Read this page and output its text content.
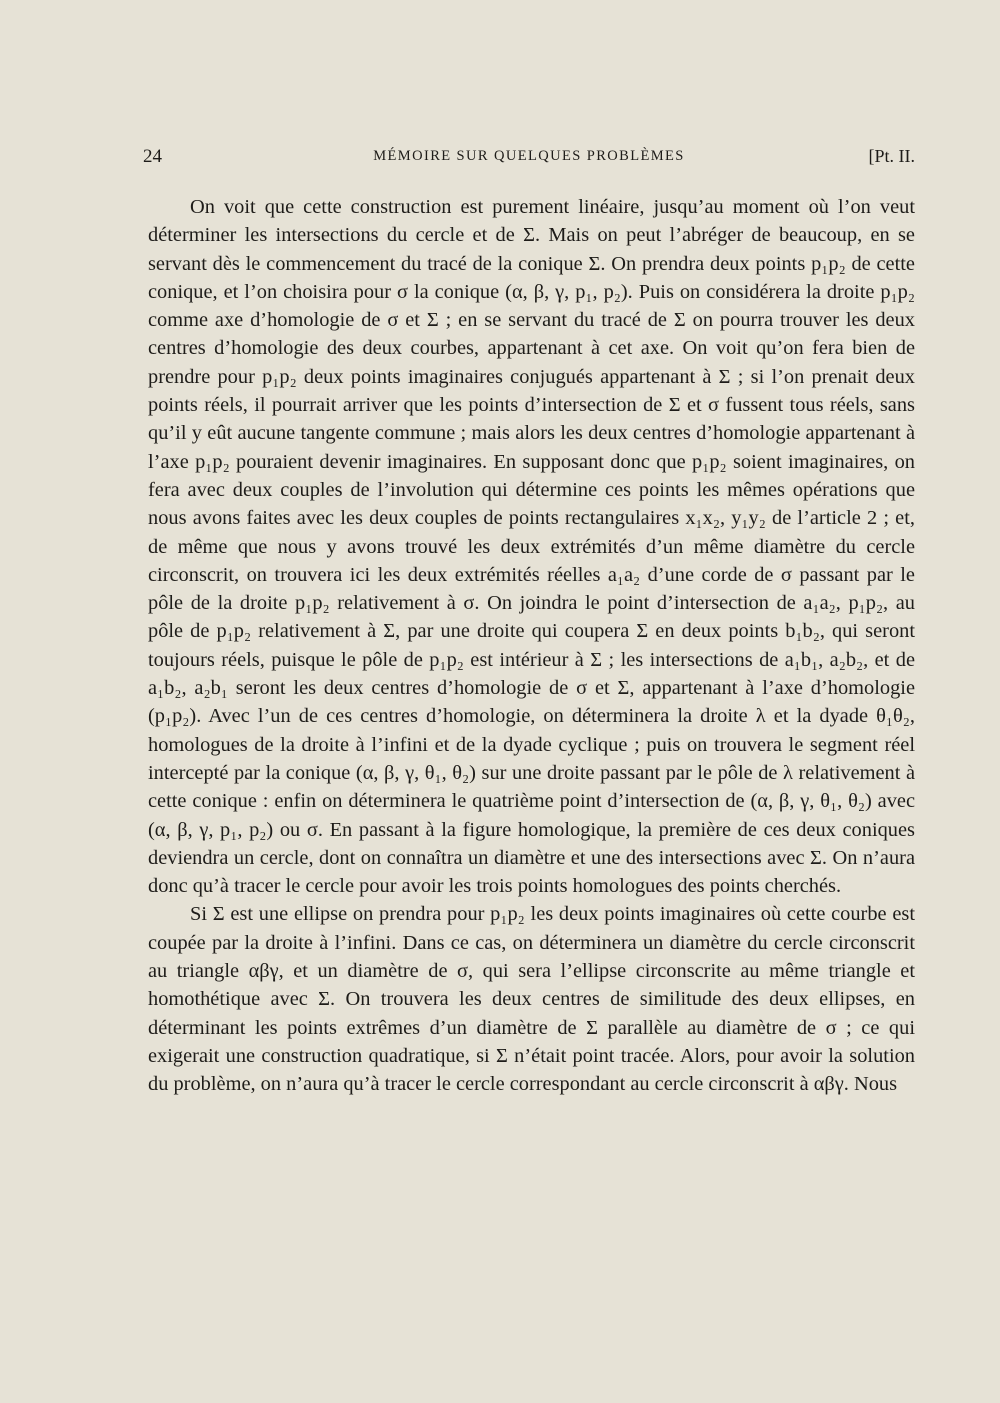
24	MÉMOIRE SUR QUELQUES PROBLÈMES	[Pt. II.

On voit que cette construction est purement linéaire, jusqu’au moment où l’on veut déterminer les intersections du cercle et de Σ. Mais on peut l’abréger de beaucoup, en se servant dès le commencement du tracé de la conique Σ. On prendra deux points p₁p₂ de cette conique, et l’on choisira pour σ la conique (α, β, γ, p₁, p₂). Puis on considérera la droite p₁p₂ comme axe d’homologie de σ et Σ ; en se servant du tracé de Σ on pourra trouver les deux centres d’homologie des deux courbes, appartenant à cet axe. On voit qu’on fera bien de prendre pour p₁p₂ deux points imaginaires conjugués appartenant à Σ ; si l’on prenait deux points réels, il pourrait arriver que les points d’intersection de Σ et σ fussent tous réels, sans qu’il y eût aucune tangente commune ; mais alors les deux centres d’homologie appartenant à l’axe p₁p₂ pouraient devenir imaginaires. En supposant donc que p₁p₂ soient imaginaires, on fera avec deux couples de l’involution qui détermine ces points les mêmes opérations que nous avons faites avec les deux couples de points rectangulaires x₁x₂, y₁y₂ de l’article 2 ; et, de même que nous y avons trouvé les deux extrémités d’un même diamètre du cercle circonscrit, on trouvera ici les deux extrémités réelles a₁a₂ d’une corde de σ passant par le pôle de la droite p₁p₂ relativement à σ. On joindra le point d’intersection de a₁a₂, p₁p₂, au pôle de p₁p₂ relativement à Σ, par une droite qui coupera Σ en deux points b₁b₂, qui seront toujours réels, puisque le pôle de p₁p₂ est intérieur à Σ ; les intersections de a₁b₁, a₂b₂, et de a₁b₂, a₂b₁ seront les deux centres d’homologie de σ et Σ, appartenant à l’axe d’homologie (p₁p₂). Avec l’un de ces centres d’homologie, on déterminera la droite λ et la dyade θ₁θ₂, homologues de la droite à l’infini et de la dyade cyclique ; puis on trouvera le segment réel intercepté par la conique (α, β, γ, θ₁, θ₂) sur une droite passant par le pôle de λ relativement à cette conique : enfin on déterminera le quatrième point d’intersection de (α, β, γ, θ₁, θ₂) avec (α, β, γ, p₁, p₂) ou σ. En passant à la figure homologique, la première de ces deux coniques deviendra un cercle, dont on connaîtra un diamètre et une des intersections avec Σ. On n’aura donc qu’à tracer le cercle pour avoir les trois points homologues des points cherchés.

Si Σ est une ellipse on prendra pour p₁p₂ les deux points imaginaires où cette courbe est coupée par la droite à l’infini. Dans ce cas, on déterminera un diamètre du cercle circonscrit au triangle αβγ, et un diamètre de σ, qui sera l’ellipse circonscrite au même triangle et homothétique avec Σ. On trouvera les deux centres de similitude des deux ellipses, en déterminant les points extrêmes d’un diamètre de Σ parallèle au diamètre de σ ; ce qui exigerait une construction quadratique, si Σ n’était point tracée. Alors, pour avoir la solution du problème, on n’aura qu’à tracer le cercle correspondant au cercle circonscrit à αβγ. Nous
